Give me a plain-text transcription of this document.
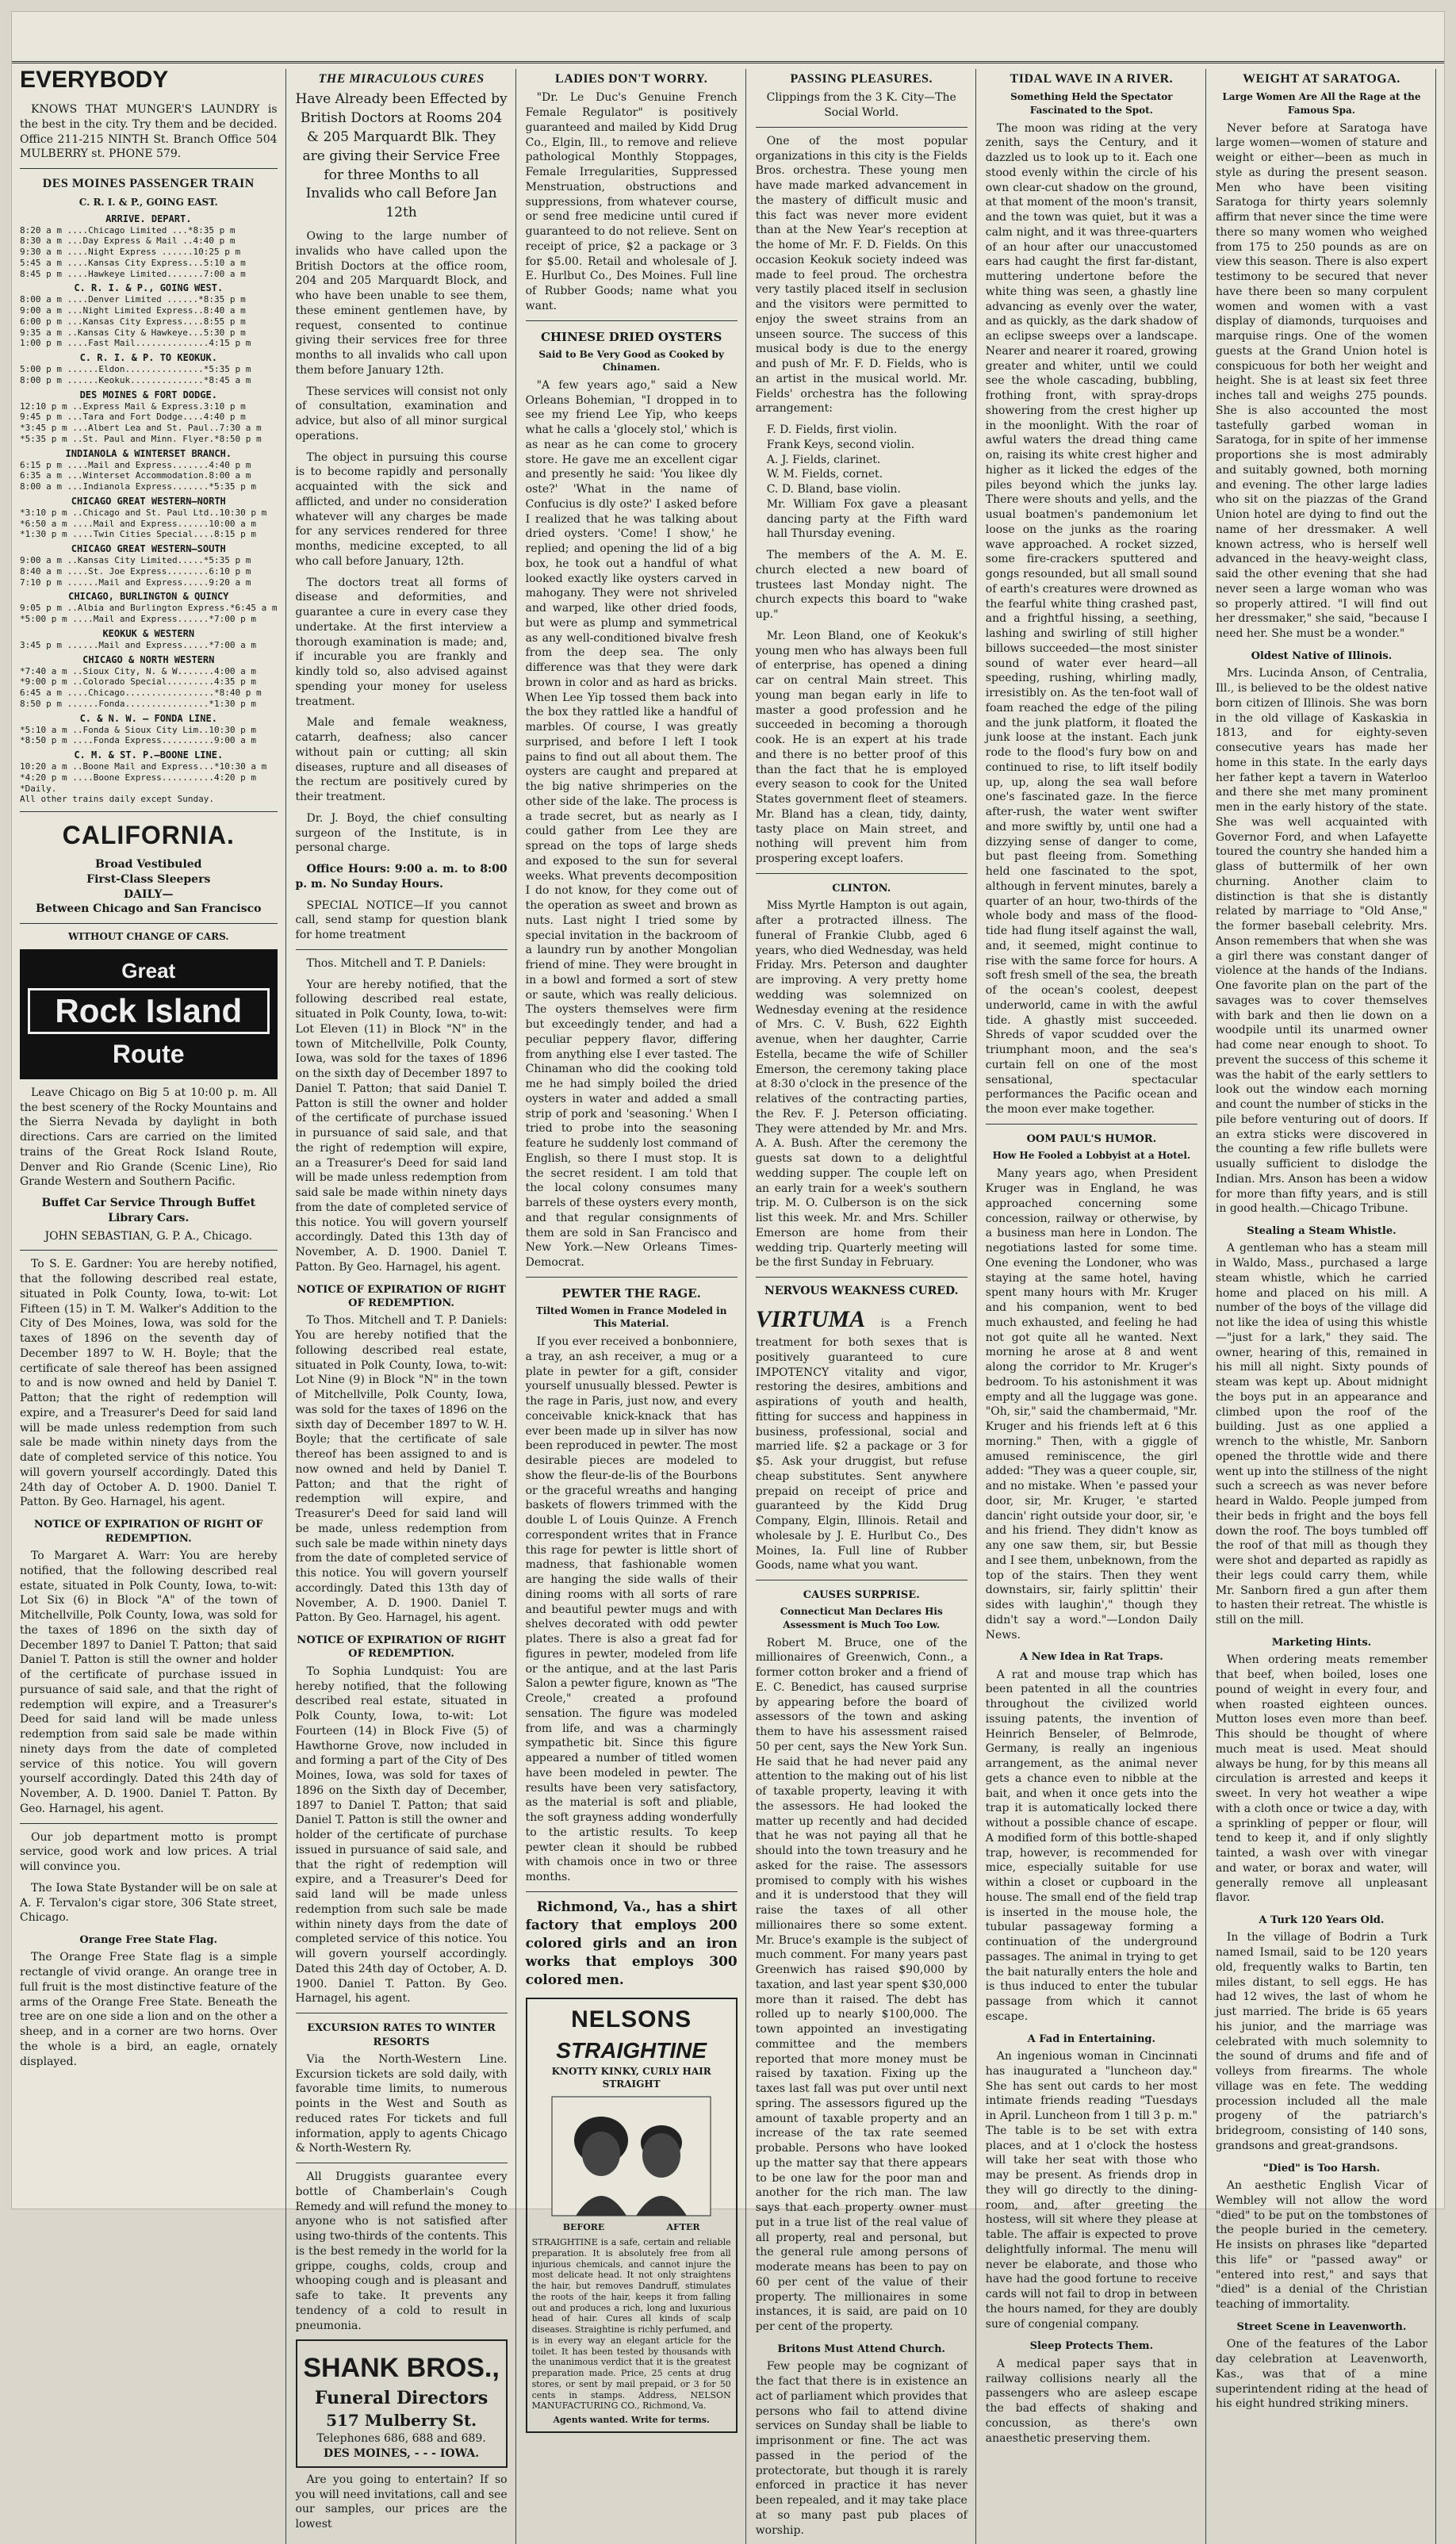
EVERYBODY

KNOWS THAT MUNGER'S LAUNDRY is the best in the city. Try them and be decided. Office 211-215 NINTH St. Branch Office 504 MULBERRY st. PHONE 579.

DES MOINES PASSENGER TRAIN
C. R. I. & P., GOING EAST.
ARRIVE. DEPART.
8:20 a m ....Chicago Limited ...*8:35 p m
8:30 a m ...Day Express & Mail ..4:40 p m
9:30 a m ....Night Express ......10:25 p m
5:45 a m ....Kansas City Express...5:10 a m
8:45 p m ....Hawkeye Limited.......7:00 a m
C. R. I. & P., GOING WEST.
8:00 a m ....Denver Limited ......*8:35 p m
9:00 a m ...Night Limited Express..8:40 a m
6:00 p m ...Kansas City Express....8:55 p m
9:35 a m ..Kansas City & Hawkeye...5:30 p m
1:00 p m ....Fast Mail..............4:15 p m
C. R. I. & P. TO KEOKUK.
5:00 p m ......Eldon...............*5:35 p m
8:00 p m ......Keokuk..............*8:45 a m
DES MOINES & FORT DODGE.
12:10 p m ..Express Mail & Express.3:10 p m
9:45 p m ...Tara and Fort Dodge....4:40 p m
*3:45 p m ...Albert Lea and St. Paul..7:30 a m
*5:35 p m ..St. Paul and Minn. Flyer.*8:50 p m
INDIANOLA & WINTERSET BRANCH.
6:15 p m ....Mail and Express.......4:40 p m
6:35 a m ...Winterset Accommodation.8:00 a m
8:00 a m ...Indianola Express.......*5:35 p m
CHICAGO GREAT WESTERN—NORTH
*3:10 p m ..Chicago and St. Paul Ltd..10:30 p m
*6:50 a m ....Mail and Express......10:00 a m
*1:30 p m ....Twin Cities Special....8:15 p m
CHICAGO GREAT WESTERN—SOUTH
9:00 a m ..Kansas City Limited.....*5:35 p m
8:40 a m ....St. Joe Express........6:10 p m
7:10 p m ......Mail and Express.....9:20 a m
CHICAGO, BURLINGTON & QUINCY
9:05 p m ..Albia and Burlington Express.*6:45 a m
*5:00 p m ....Mail and Express......*7:00 p m
KEOKUK & WESTERN
3:45 p m ......Mail and Express.....*7:00 a m
CHICAGO & NORTH WESTERN
*7:40 a m ..Sioux City, N. & W.......4:00 a m
*9:00 p m ..Colorado Special.........4:35 p m
6:45 a m ....Chicago.................*8:40 p m
8:50 p m ......Fonda................*1:30 p m
C. & N. W. — FONDA LINE.
*5:10 a m ..Fonda & Sioux City Lim..10:30 p m
*8:50 p m ....Fonda Express..........9:00 a m
C. M. & ST. P.—BOONE LINE.
10:20 a m ..Boone Mail and Express...*10:30 a m
*4:20 p m ....Boone Express..........4:20 p m
*Daily.
All other trains daily except Sunday.
CALIFORNIA.
Broad Vestibuled
First-Class Sleepers
DAILY—
Between Chicago and San Francisco
WITHOUT CHANGE OF CARS.
Great
Rock Island
Route

Leave Chicago on Big 5 at 10:00 p. m. All the best scenery of the Rocky Mountains and the Sierra Nevada by daylight in both directions. Cars are carried on the limited trains of the Great Rock Island Route, Denver and Rio Grande (Scenic Line), Rio Grande Western and Southern Pacific.

Buffet Car Service Through Buffet Library Cars.

JOHN SEBASTIAN, G. P. A., Chicago.

To S. E. Gardner: You are hereby notified, that the following described real estate, situated in Polk County, Iowa, to-wit: Lot Fifteen (15) in T. M. Walker's Addition to the City of Des Moines, Iowa, was sold for the taxes of 1896 on the seventh day of December 1897 to W. H. Boyle; that the certificate of sale thereof has been assigned to and is now owned and held by Daniel T. Patton; that the right of redemption will expire, and a Treasurer's Deed for said land will be made unless redemption from such sale be made within ninety days from the date of completed service of this notice. You will govern yourself accordingly. Dated this 24th day of October A. D. 1900. Daniel T. Patton. By Geo. Harnagel, his agent.

NOTICE OF EXPIRATION OF RIGHT OF REDEMPTION.

To Margaret A. Warr: You are hereby notified, that the following described real estate, situated in Polk County, Iowa, to-wit: Lot Six (6) in Block "A" of the town of Mitchellville, Polk County, Iowa, was sold for the taxes of 1896 on the sixth day of December 1897 to Daniel T. Patton; that said Daniel T. Patton is still the owner and holder of the certificate of purchase issued in pursuance of said sale, and that the right of redemption will expire, and a Treasurer's Deed for said land will be made unless redemption from said sale be made within ninety days from the date of completed service of this notice. You will govern yourself accordingly. Dated this 24th day of November, A. D. 1900. Daniel T. Patton. By Geo. Harnagel, his agent.

Our job department motto is prompt service, good work and low prices. A trial will convince you.

The Iowa State Bystander will be on sale at A. F. Tervalon's cigar store, 306 State street, Chicago.

Orange Free State Flag.

The Orange Free State flag is a simple rectangle of vivid orange. An orange tree in full fruit is the most distinctive feature of the arms of the Orange Free State. Beneath the tree are on one side a lion and on the other a sheep, and in a corner are two horns. Over the whole is a bird, an eagle, ornately displayed.

THE MIRACULOUS CURES

Have Already been Effected by British Doctors at Rooms 204 & 205 Marquardt Blk. They are giving their Service Free for three Months to all Invalids who call Before Jan 12th

Owing to the large number of invalids who have called upon the British Doctors at the office room, 204 and 205 Marquardt Block, and who have been unable to see them, these eminent gentlemen have, by request, consented to continue giving their services free for three months to all invalids who call upon them before January 12th.

These services will consist not only of consultation, examination and advice, but also of all minor surgical operations.

The object in pursuing this course is to become rapidly and personally acquainted with the sick and afflicted, and under no consideration whatever will any charges be made for any services rendered for three months, medicine excepted, to all who call before January, 12th.

The doctors treat all forms of disease and deformities, and guarantee a cure in every case they undertake. At the first interview a thorough examination is made; and, if incurable you are frankly and kindly told so, also advised against spending your money for useless treatment.

Male and female weakness, catarrh, deafness; also cancer without pain or cutting; all skin diseases, rupture and all diseases of the rectum are positively cured by their treatment.

Dr. J. Boyd, the chief consulting surgeon of the Institute, is in personal charge.

Office Hours: 9:00 a. m. to 8:00 p. m. No Sunday Hours.

SPECIAL NOTICE—If you cannot call, send stamp for question blank for home treatment

Thos. Mitchell and T. P. Daniels:

Your are hereby notified, that the following described real estate, situated in Polk County, Iowa, to-wit: Lot Eleven (11) in Block "N" in the town of Mitchellville, Polk County, Iowa, was sold for the taxes of 1896 on the sixth day of December 1897 to Daniel T. Patton; that said Daniel T. Patton is still the owner and holder of the certificate of purchase issued in pursuance of said sale, and that the right of redemption will expire, an a Treasurer's Deed for said land will be made unless redemption from said sale be made within ninety days from the date of completed service of this notice. You will govern yourself accordingly. Dated this 13th day of November, A. D. 1900. Daniel T. Patton. By Geo. Harnagel, his agent.

NOTICE OF EXPIRATION OF RIGHT OF REDEMPTION.

To Thos. Mitchell and T. P. Daniels: You are hereby notified that the following described real estate, situated in Polk County, Iowa, to-wit: Lot Nine (9) in Block "N" in the town of Mitchellville, Polk County, Iowa, was sold for the taxes of 1896 on the sixth day of December 1897 to W. H. Boyle; that the certificate of sale thereof has been assigned to and is now owned and held by Daniel T. Patton; and that the right of redemption will expire, and Treasurer's Deed for said land will be made, unless redemption from such sale be made within ninety days from the date of completed service of this notice. You will govern yourself accordingly. Dated this 13th day of November, A. D. 1900. Daniel T. Patton. By Geo. Harnagel, his agent.

NOTICE OF EXPIRATION OF RIGHT OF REDEMPTION.

To Sophia Lundquist: You are hereby notified, that the following described real estate, situated in Polk County, Iowa, to-wit: Lot Fourteen (14) in Block Five (5) of Hawthorne Grove, now included in and forming a part of the City of Des Moines, Iowa, was sold for taxes of 1896 on the Sixth day of December, 1897 to Daniel T. Patton; that said Daniel T. Patton is still the owner and holder of the certificate of purchase issued in pursuance of said sale, and that the right of redemption will expire, and a Treasurer's Deed for said land will be made unless redemption from such sale be made within ninety days from the date of completed service of this notice. You will govern yourself accordingly. Dated this 24th day of October, A. D. 1900. Daniel T. Patton. By Geo. Harnagel, his agent.

EXCURSION RATES TO WINTER RESORTS

Via the North-Western Line. Excursion tickets are sold daily, with favorable time limits, to numerous points in the West and South as reduced rates For tickets and full information, apply to agents Chicago & North-Western Ry.

All Druggists guarantee every bottle of Chamberlain's Cough Remedy and will refund the money to anyone who is not satisfied after using two-thirds of the contents. This is the best remedy in the world for la grippe, coughs, colds, croup and whooping cough and is pleasant and safe to take. It prevents any tendency of a cold to result in pneumonia.

SHANK BROS.,
Funeral Directors
517 Mulberry St.
Telephones 686, 688 and 689.
DES MOINES, - - - IOWA.

Are you going to entertain? If so you will need invitations, call and see our samples, our prices are the lowest

LADIES DON'T WORRY.

"Dr. Le Duc's Genuine French Female Regulator" is positively guaranteed and mailed by Kidd Drug Co., Elgin, Ill., to remove and relieve pathological Monthly Stoppages, Female Irregularities, Suppressed Menstruation, obstructions and suppressions, from whatever course, or send free medicine until cured if guaranteed to do not relieve. Sent on receipt of price, $2 a package or 3 for $5.00. Retail and wholesale of J. E. Hurlbut Co., Des Moines. Full line of Rubber Goods; name what you want.

CHINESE DRIED OYSTERS
Said to Be Very Good as Cooked by Chinamen.

"A few years ago," said a New Orleans Bohemian, "I dropped in to see my friend Lee Yip, who keeps what he calls a 'glocely stol,' which is as near as he can come to grocery store. He gave me an excellent cigar and presently he said: 'You likee dly oste?' 'What in the name of Confucius is dly oste?' I asked before I realized that he was talking about dried oysters. 'Come! I show,' he replied; and opening the lid of a big box, he took out a handful of what looked exactly like oysters carved in mahogany. They were not shriveled and warped, like other dried foods, but were as plump and symmetrical as any well-conditioned bivalve fresh from the deep sea. The only difference was that they were dark brown in color and as hard as bricks. When Lee Yip tossed them back into the box they rattled like a handful of marbles. Of course, I was greatly surprised, and before I left I took pains to find out all about them. The oysters are caught and prepared at the big native shrimperies on the other side of the lake. The process is a trade secret, but as nearly as I could gather from Lee they are spread on the tops of large sheds and exposed to the sun for several weeks. What prevents decomposition I do not know, for they come out of the operation as sweet and brown as nuts. Last night I tried some by special invitation in the backroom of a laundry run by another Mongolian friend of mine. They were brought in in a bowl and formed a sort of stew or saute, which was really delicious. The oysters themselves were firm but exceedingly tender, and had a peculiar peppery flavor, differing from anything else I ever tasted. The Chinaman who did the cooking told me he had simply boiled the dried oysters in water and added a small strip of pork and 'seasoning.' When I tried to probe into the seasoning feature he suddenly lost command of English, so there I must stop. It is the secret resident. I am told that the local colony consumes many barrels of these oysters every month, and that regular consignments of them are sold in San Francisco and New York.—New Orleans Times-Democrat.

PEWTER THE RAGE.
Tilted Women in France Modeled in This Material.

If you ever received a bonbonniere, a tray, an ash receiver, a mug or a plate in pewter for a gift, consider yourself unusually blessed. Pewter is the rage in Paris, just now, and every conceivable knick-knack that has ever been made up in silver has now been reproduced in pewter. The most desirable pieces are modeled to show the fleur-de-lis of the Bourbons or the graceful wreaths and hanging baskets of flowers trimmed with the double L of Louis Quinze. A French correspondent writes that in France this rage for pewter is little short of madness, that fashionable women are hanging the side walls of their dining rooms with all sorts of rare and beautiful pewter mugs and with shelves decorated with odd pewter plates. There is also a great fad for figures in pewter, modeled from life or the antique, and at the last Paris Salon a pewter figure, known as "The Creole," created a profound sensation. The figure was modeled from life, and was a charmingly sympathetic bit. Since this figure appeared a number of titled women have been modeled in pewter. The results have been very satisfactory, as the material is soft and pliable, the soft grayness adding wonderfully to the artistic results. To keep pewter clean it should be rubbed with chamois once in two or three months.

Richmond, Va., has a shirt factory that employs 200 colored girls and an iron works that employs 300 colored men.

NELSONS
STRAIGHTINE
KNOTTY KINKY, CURLY HAIR STRAIGHT
BEFORE	AFTER
STRAIGHTINE is a safe, certain and reliable preparation. It is absolutely free from all injurious chemicals, and cannot injure the most delicate head. It not only straightens the hair, but removes Dandruff, stimulates the roots of the hair, keeps it from falling out and produces a rich, long and luxurious head of hair. Cures all kinds of scalp diseases. Straightine is richly perfumed, and is in every way an elegant article for the toilet. It has been tested by thousands with the unanimous verdict that it is the greatest preparation made. Price, 25 cents at drug stores, or sent by mail prepaid, or 3 for 50 cents in stamps. Address, NELSON MANUFACTURING CO., Richmond, Va.
Agents wanted. Write for terms.
PASSING PLEASURES.

Clippings from the 3 K. City—The Social World.

One of the most popular organizations in this city is the Fields Bros. orchestra. These young men have made marked advancement in the mastery of difficult music and this fact was never more evident than at the New Year's reception at the home of Mr. F. D. Fields. On this occasion Keokuk society indeed was made to feel proud. The orchestra very tastily placed itself in seclusion and the visitors were permitted to enjoy the sweet strains from an unseen source. The success of this musical body is due to the energy and push of Mr. F. D. Fields, who is an artist in the musical world. Mr. Fields' orchestra has the following arrangement:

F. D. Fields, first violin.
Frank Keys, second violin.
A. J. Fields, clarinet.
W. M. Fields, cornet.
C. D. Bland, base violin.
Mr. William Fox gave a pleasant dancing party at the Fifth ward hall Thursday evening.

The members of the A. M. E. church elected a new board of trustees last Monday night. The church expects this board to "wake up."

Mr. Leon Bland, one of Keokuk's young men who has always been full of enterprise, has opened a dining car on central Main street. This young man began early in life to master a good profession and he succeeded in becoming a thorough cook. He is an expert at his trade and there is no better proof of this than the fact that he is employed every season to cook for the United States government fleet of steamers. Mr. Bland has a clean, tidy, dainty, tasty place on Main street, and nothing will prevent him from prospering except loafers.

CLINTON.

Miss Myrtle Hampton is out again, after a protracted illness. The funeral of Frankie Clubb, aged 6 years, who died Wednesday, was held Friday. Mrs. Peterson and daughter are improving. A very pretty home wedding was solemnized on Wednesday evening at the residence of Mrs. C. V. Bush, 622 Eighth avenue, when her daughter, Carrie Estella, became the wife of Schiller Emerson, the ceremony taking place at 8:30 o'clock in the presence of the relatives of the contracting parties, the Rev. F. J. Peterson officiating. They were attended by Mr. and Mrs. A. A. Bush. After the ceremony the guests sat down to a delightful wedding supper. The couple left on an early train for a week's southern trip. M. O. Culberson is on the sick list this week. Mr. and Mrs. Schiller Emerson are home from their wedding trip. Quarterly meeting will be the first Sunday in February.

NERVOUS WEAKNESS CURED.

VIRTUMA is a French treatment for both sexes that is positively guaranteed to cure IMPOTENCY vitality and vigor, restoring the desires, ambitions and aspirations of youth and health, fitting for success and happiness in business, professional, social and married life. $2 a package or 3 for $5. Ask your druggist, but refuse cheap substitutes. Sent anywhere prepaid on receipt of price and guaranteed by the Kidd Drug Company, Elgin, Illinois. Retail and wholesale by J. E. Hurlbut Co., Des Moines, Ia. Full line of Rubber Goods, name what you want.

CAUSES SURPRISE.
Connecticut Man Declares His Assessment is Much Too Low.

Robert M. Bruce, one of the millionaires of Greenwich, Conn., a former cotton broker and a friend of E. C. Benedict, has caused surprise by appearing before the board of assessors of the town and asking them to have his assessment raised 50 per cent, says the New York Sun. He said that he had never paid any attention to the making out of his list of taxable property, leaving it with the assessors. He had looked the matter up recently and had decided that he was not paying all that he should into the town treasury and he asked for the raise. The assessors promised to comply with his wishes and it is understood that they will raise the taxes of all other millionaires there so some extent. Mr. Bruce's example is the subject of much comment. For many years past Greenwich has raised $90,000 by taxation, and last year spent $30,000 more than it raised. The debt has rolled up to nearly $100,000. The town appointed an investigating committee and the members reported that more money must be raised by taxation. Fixing up the taxes last fall was put over until next spring. The assessors figured up the amount of taxable property and an increase of the tax rate seemed probable. Persons who have looked up the matter say that there appears to be one law for the poor man and another for the rich man. The law says that each property owner must put in a true list of the real value of all property, real and personal, but the general rule among persons of moderate means has been to pay on 60 per cent of the value of their property. The millionaires in some instances, it is said, are paid on 10 per cent of the property.

Britons Must Attend Church.

Few people may be cognizant of the fact that there is in existence an act of parliament which provides that persons who fail to attend divine services on Sunday shall be liable to imprisonment or fine. The act was passed in the period of the protectorate, but though it is rarely enforced in practice it has never been repealed, and it may take place at so many past pub places of worship.

TIDAL WAVE IN A RIVER.
Something Held the Spectator Fascinated to the Spot.

The moon was riding at the very zenith, says the Century, and it dazzled us to look up to it. Each one stood evenly within the circle of his own clear-cut shadow on the ground, at that moment of the moon's transit, and the town was quiet, but it was a calm night, and it was three-quarters of an hour after our unaccustomed ears had caught the first far-distant, muttering undertone before the white thing was seen, a ghastly line advancing as evenly over the water, and as quickly, as the dark shadow of an eclipse sweeps over a landscape. Nearer and nearer it roared, growing greater and whiter, until we could see the whole cascading, bubbling, frothing front, with spray-drops showering from the crest higher up in the moonlight. With the roar of awful waters the dread thing came on, raising its white crest higher and higher as it licked the edges of the piles beyond which the junks lay. There were shouts and yells, and the usual boatmen's pandemonium let loose on the junks as the roaring wave approached. A rocket sizzed, some fire-crackers sputtered and gongs resounded, but all small sound of earth's creatures were drowned as the fearful white thing crashed past, and a frightful hissing, a seething, lashing and swirling of still higher billows succeeded—the most sinister sound of water ever heard—all speeding, rushing, whirling madly, irresistibly on. As the ten-foot wall of foam reached the edge of the piling and the junk platform, it floated the junk loose at the instant. Each junk rode to the flood's fury bow on and continued to rise, to lift itself bodily up, up, along the sea wall before one's fascinated gaze. In the fierce after-rush, the water went swifter and more swiftly by, until one had a dizzying sense of danger to come, but past fleeing from. Something held one fascinated to the spot, although in fervent minutes, barely a quarter of an hour, two-thirds of the whole body and mass of the flood-tide had flung itself against the wall, and, it seemed, might continue to rise with the same force for hours. A soft fresh smell of the sea, the breath of the ocean's coolest, deepest underworld, came in with the awful tide. A ghastly mist succeeded. Shreds of vapor scudded over the triumphant moon, and the sea's curtain fell on one of the most sensational, spectacular performances the Pacific ocean and the moon ever make together.

OOM PAUL'S HUMOR.
How He Fooled a Lobbyist at a Hotel.

Many years ago, when President Kruger was in England, he was approached concerning some concession, railway or otherwise, by a business man here in London. The negotiations lasted for some time. One evening the Londoner, who was staying at the same hotel, having spent many hours with Mr. Kruger and his companion, went to bed much exhausted, and feeling he had not got quite all he wanted. Next morning he arose at 8 and went along the corridor to Mr. Kruger's bedroom. To his astonishment it was empty and all the luggage was gone. "Oh, sir," said the chambermaid, "Mr. Kruger and his friends left at 6 this morning." Then, with a giggle of amused reminiscence, the girl added: "They was a queer couple, sir, and no mistake. When 'e passed your door, sir, Mr. Kruger, 'e started dancin' right outside your door, sir, 'e and his friend. They didn't know as any one saw them, sir, but Bessie and I see them, unbeknown, from the top of the stairs. Then they went downstairs, sir, fairly splittin' their sides with laughin'," though they didn't say a word."—London Daily News.

A New Idea in Rat Traps.

A rat and mouse trap which has been patented in all the countries throughout the civilized world issuing patents, the invention of Heinrich Benseler, of Belmrode, Germany, is really an ingenious arrangement, as the animal never gets a chance even to nibble at the bait, and when it once gets into the trap it is automatically locked there without a possible chance of escape. A modified form of this bottle-shaped trap, however, is recommended for mice, especially suitable for use within a closet or cupboard in the house. The small end of the field trap is inserted in the mouse hole, the tubular passageway forming a continuation of the underground passages. The animal in trying to get the bait naturally enters the hole and is thus induced to enter the tubular passage from which it cannot escape.

A Fad in Entertaining.

An ingenious woman in Cincinnati has inaugurated a "luncheon day." She has sent out cards to her most intimate friends reading "Tuesdays in April. Luncheon from 1 till 3 p. m." The table is to be set with extra places, and at 1 o'clock the hostess will take her seat with those who may be present. As friends drop in they will go directly to the dining-room, and, after greeting the hostess, will sit where they please at table. The affair is expected to prove delightfully informal. The menu will never be elaborate, and those who have had the good fortune to receive cards will not fail to drop in between the hours named, for they are doubly sure of congenial company.

Sleep Protects Them.

A medical paper says that in railway collisions nearly all the passengers who are asleep escape the bad effects of shaking and concussion, as there's own anaesthetic preserving them.

WEIGHT AT SARATOGA.
Large Women Are All the Rage at the Famous Spa.

Never before at Saratoga have large women—women of stature and weight or either—been as much in style as during the present season. Men who have been visiting Saratoga for thirty years solemnly affirm that never since the time were there so many women who weighed from 175 to 250 pounds as are on view this season. There is also expert testimony to be secured that never have there been so many corpulent women and women with a vast display of diamonds, turquoises and marquise rings. One of the women guests at the Grand Union hotel is conspicuous for both her weight and height. She is at least six feet three inches tall and weighs 275 pounds. She is also accounted the most tastefully garbed woman in Saratoga, for in spite of her immense proportions she is most admirably and suitably gowned, both morning and evening. The other large ladies who sit on the piazzas of the Grand Union hotel are dying to find out the name of her dressmaker. A well known actress, who is herself well advanced in the heavy-weight class, said the other evening that she had never seen a large woman who was so properly attired. "I will find out her dressmaker," she said, "because I need her. She must be a wonder."

Oldest Native of Illinois.

Mrs. Lucinda Anson, of Centralia, Ill., is believed to be the oldest native born citizen of Illinois. She was born in the old village of Kaskaskia in 1813, and for eighty-seven consecutive years has made her home in this state. In the early days her father kept a tavern in Waterloo and there she met many prominent men in the early history of the state. She was well acquainted with Governor Ford, and when Lafayette toured the country she handed him a glass of buttermilk of her own churning. Another claim to distinction is that she is distantly related by marriage to "Old Anse," the former baseball celebrity. Mrs. Anson remembers that when she was a girl there was constant danger of violence at the hands of the Indians. One favorite plan on the part of the savages was to cover themselves with bark and then lie down on a woodpile until its unarmed owner had come near enough to shoot. To prevent the success of this scheme it was the habit of the early settlers to look out the window each morning and count the number of sticks in the pile before venturing out of doors. If an extra sticks were discovered in the counting a few rifle bullets were usually sufficient to dislodge the Indian. Mrs. Anson has been a widow for more than fifty years, and is still in good health.—Chicago Tribune.

Stealing a Steam Whistle.

A gentleman who has a steam mill in Waldo, Mass., purchased a large steam whistle, which he carried home and placed on his mill. A number of the boys of the village did not like the idea of using this whistle—"just for a lark," they said. The owner, hearing of this, remained in his mill all night. Sixty pounds of steam was kept up. About midnight the boys put in an appearance and climbed upon the roof of the building. Just as one applied a wrench to the whistle, Mr. Sanborn opened the throttle wide and there went up into the stillness of the night such a screech as was never before heard in Waldo. People jumped from their beds in fright and the boys fell down the roof. The boys tumbled off the roof of that mill as though they were shot and departed as rapidly as their legs could carry them, while Mr. Sanborn fired a gun after them to hasten their retreat. The whistle is still on the mill.

Marketing Hints.

When ordering meats remember that beef, when boiled, loses one pound of weight in every four, and when roasted eighteen ounces. Mutton loses even more than beef. This should be thought of where much meat is used. Meat should always be hung, for by this means all circulation is arrested and keeps it sweet. In very hot weather a wipe with a cloth once or twice a day, with a sprinkling of pepper or flour, will tend to keep it, and if only slightly tainted, a wash over with vinegar and water, or borax and water, will generally remove all unpleasant flavor.

A Turk 120 Years Old.

In the village of Bodrin a Turk named Ismail, said to be 120 years old, frequently walks to Bartin, ten miles distant, to sell eggs. He has had 12 wives, the last of whom he just married. The bride is 65 years his junior, and the marriage was celebrated with much solemnity to the sound of drums and fife and of volleys from firearms. The whole village was en fete. The wedding procession included all the male progeny of the patriarch's bridegroom, consisting of 140 sons, grandsons and great-grandsons.

"Died" is Too Harsh.

An aesthetic English Vicar of Wembley will not allow the word "died" to be put on the tombstones of the people buried in the cemetery. He insists on phrases like "departed this life" or "passed away" or "entered into rest," and says that "died" is a denial of the Christian teaching of immortality.

Street Scene in Leavenworth.

One of the features of the Labor day celebration at Leavenworth, Kas., was that of a mine superintendent riding at the head of his eight hundred striking miners.
